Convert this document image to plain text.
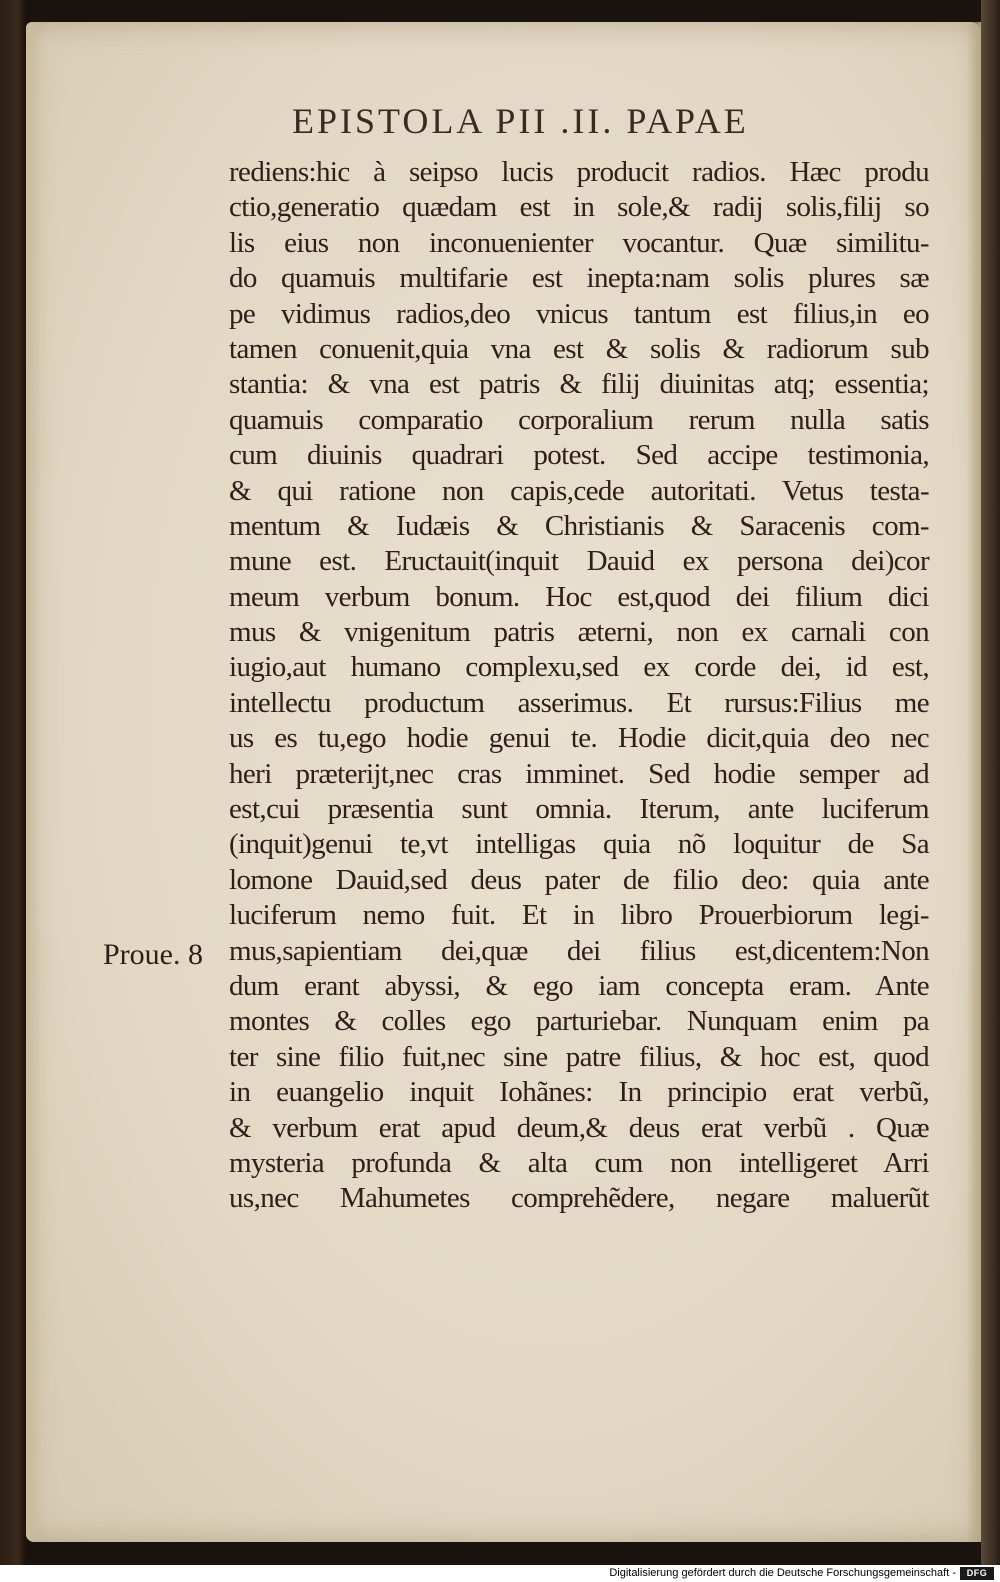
EPISTOLA PII .II. PAPAE
rediens:hic à seipso lucis producit radios. Hæc produ
ctio,generatio quædam est in sole,& radij solis,filij so
lis eius non inconuenienter vocantur. Quæ similitu-
do quamuis multifarie est inepta:nam solis plures sæ
pe vidimus radios,deo vnicus tantum est filius,in eo
tamen conuenit,quia vna est & solis & radiorum sub
stantia: & vna est patris & filij diuinitas atq; essentia;
quamuis comparatio corporalium rerum nulla satis
cum diuinis quadrari potest. Sed accipe testimonia,
& qui ratione non capis,cede autoritati. Vetus testa-
mentum & Iudæis & Christianis & Saracenis com-
mune est. Eructauit(inquit Dauid ex persona dei)cor
meum verbum bonum. Hoc est,quod dei filium dici
mus & vnigenitum patris æterni, non ex carnali con
iugio,aut humano complexu,sed ex corde dei, id est,
intellectu productum asserimus. Et rursus:Filius me
us es tu,ego hodie genui te. Hodie dicit,quia deo nec
heri præterijt,nec cras imminet. Sed hodie semper ad
est,cui præsentia sunt omnia. Iterum, ante luciferum
(inquit)genui te,vt intelligas quia nõ loquitur de Sa
lomone Dauid,sed deus pater de filio deo: quia ante
luciferum nemo fuit. Et in libro Prouerbiorum legi-
mus,sapientiam dei,quæ dei filius est,dicentem:Non
dum erant abyssi, & ego iam concepta eram. Ante
montes & colles ego parturiebar. Nunquam enim pa
ter sine filio fuit,nec sine patre filius, & hoc est, quod
in euangelio inquit Iohãnes: In principio erat verbũ,
& verbum erat apud deum,& deus erat verbũ . Quæ
mysteria profunda & alta cum non intelligeret Arri
us,nec Mahumetes comprehẽdere, negare maluerũt
Proue. 8
Digitalisierung gefördert durch die Deutsche Forschungsgemeinschaft -	DFG
